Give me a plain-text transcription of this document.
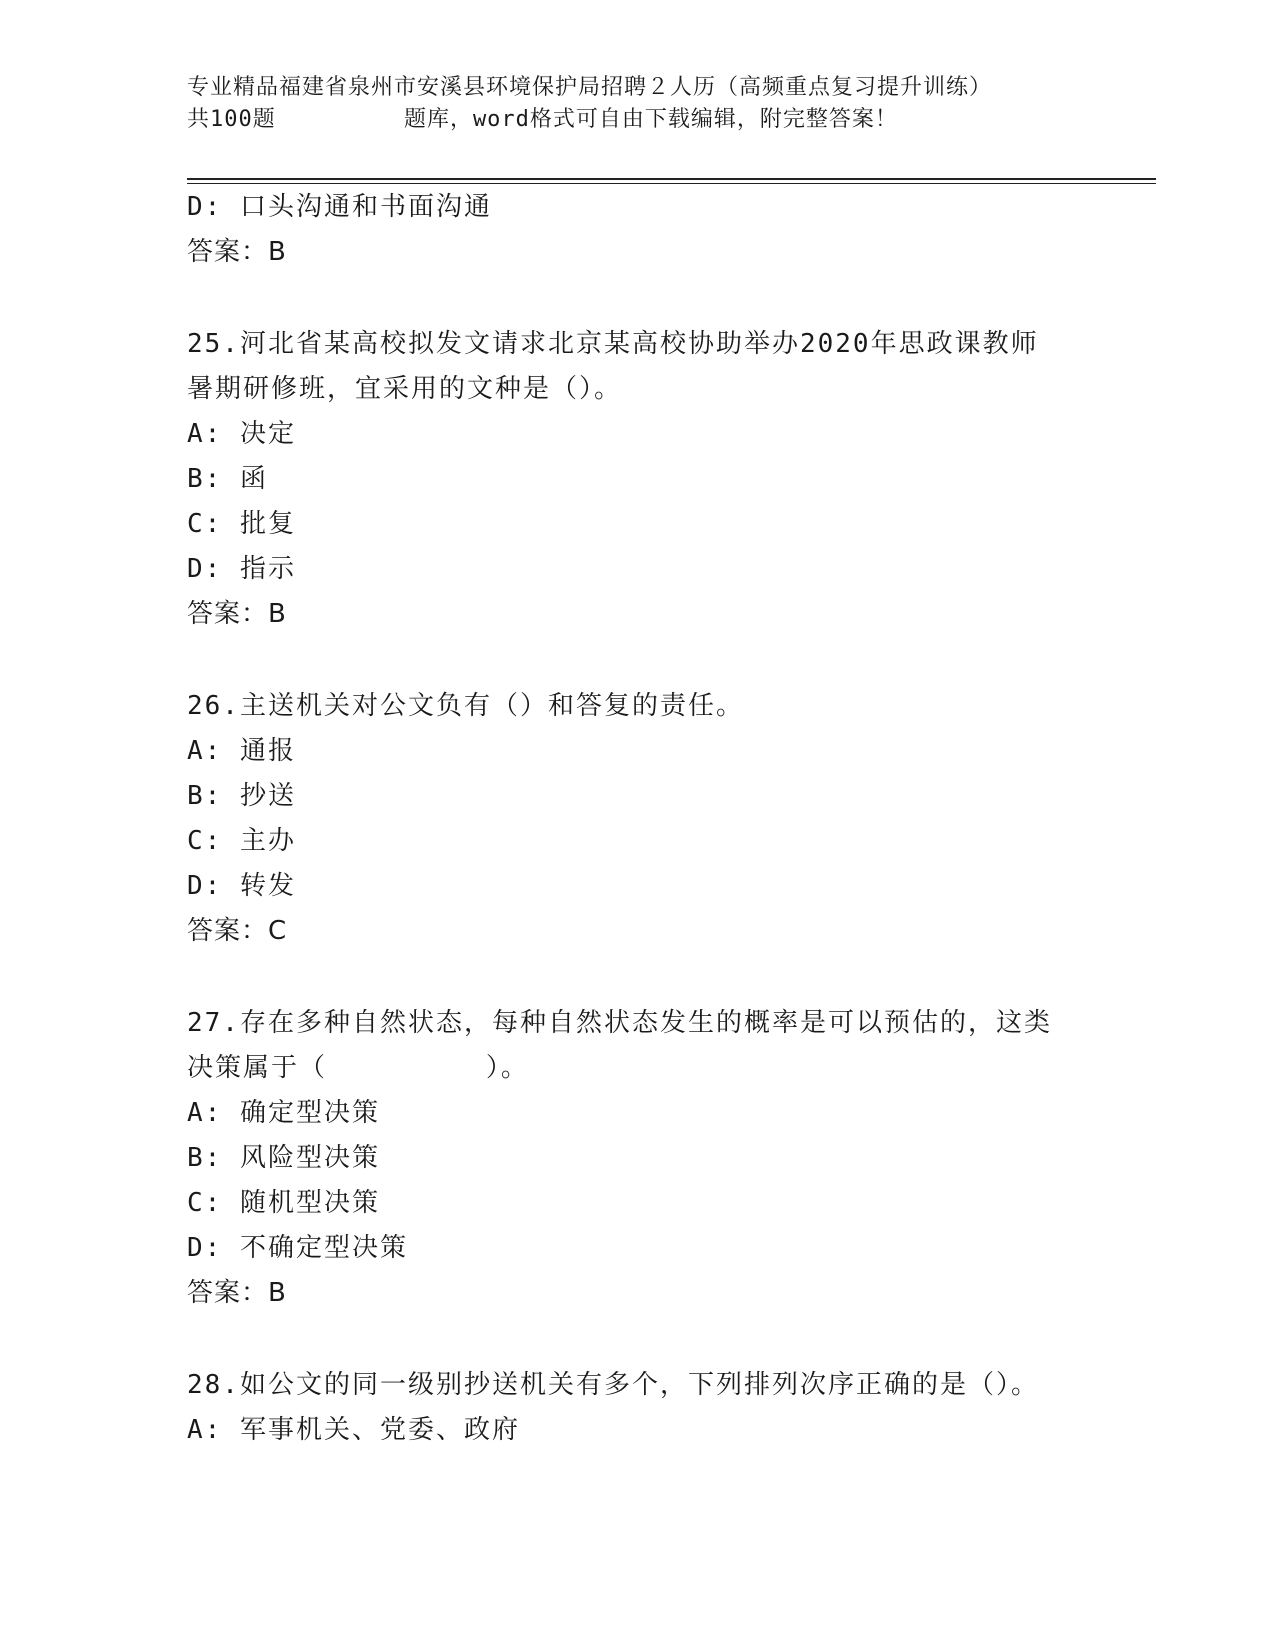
专业精品福建省泉州市安溪县环境保护局招聘２人历（高频重点复习提升训练）
共100题         题库，word格式可自由下载编辑，附完整答案！
D: 口头沟通和书面沟通
答案：B
25.河北省某高校拟发文请求北京某高校协助举办2020年思政课教师
暑期研修班，宜采用的文种是（）。
A: 决定
B: 函
C: 批复
D: 指示
答案：B
26.主送机关对公文负有（）和答复的责任。
A: 通报
B: 抄送
C: 主办
D: 转发
答案：C
27.存在多种自然状态，每种自然状态发生的概率是可以预估的，这类
决策属于（         ）。
A: 确定型决策
B: 风险型决策
C: 随机型决策
D: 不确定型决策
答案：B
28.如公文的同一级别抄送机关有多个，下列排列次序正确的是（）。
A: 军事机关、党委、政府
